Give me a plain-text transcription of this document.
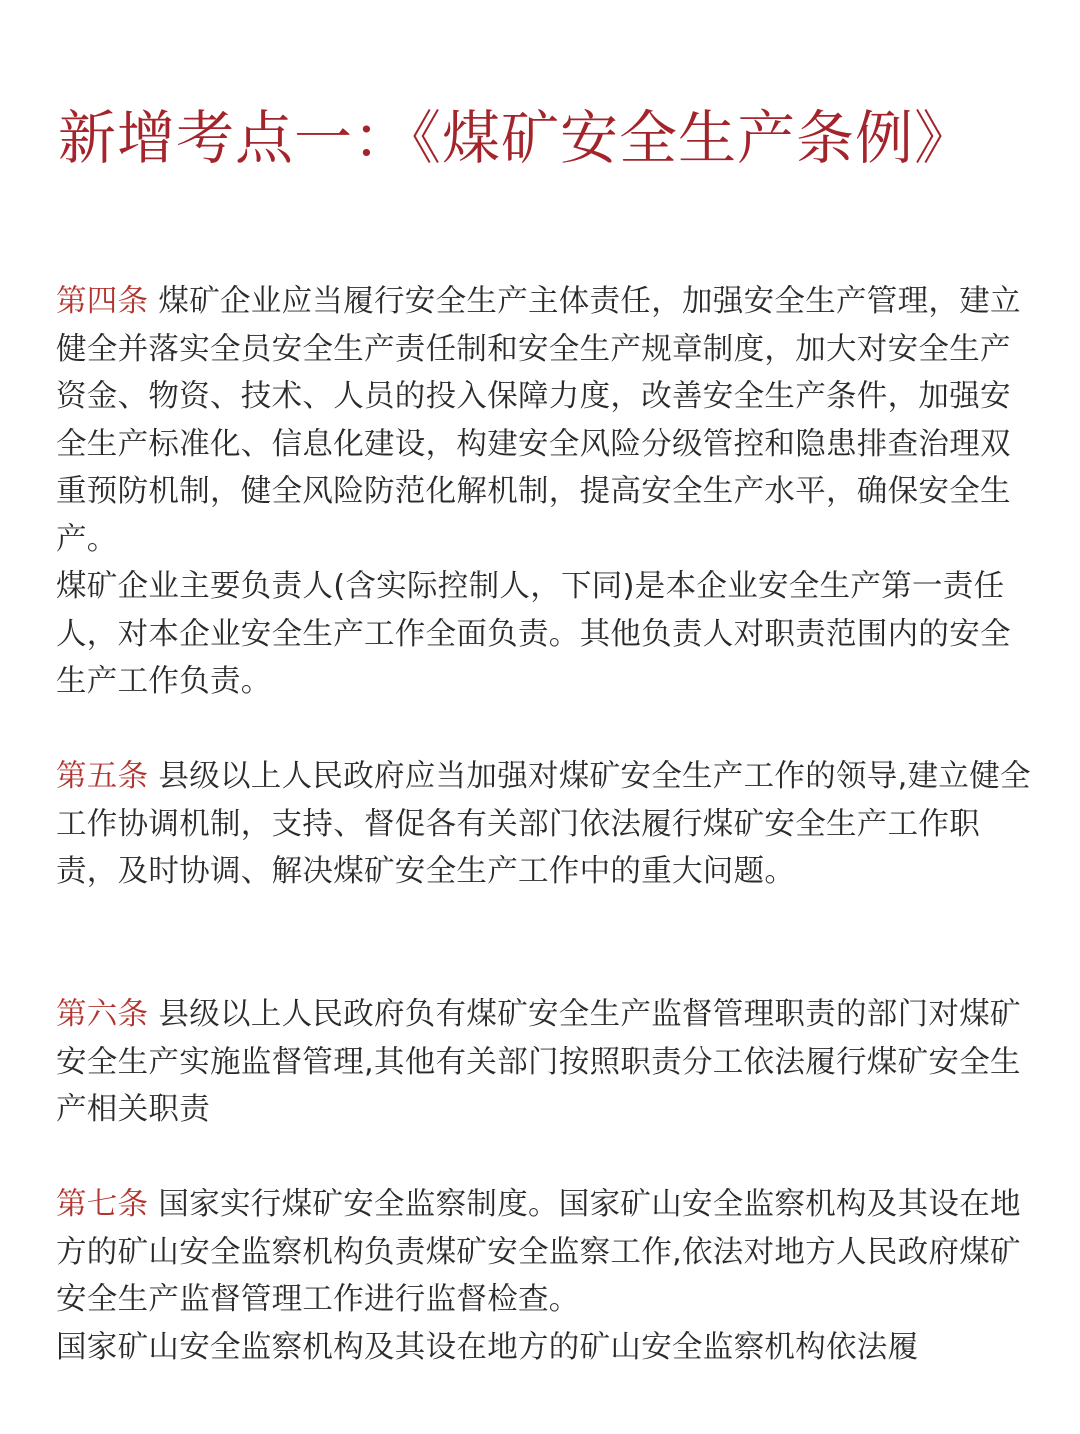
新增考点一：《煤矿安全生产条例》

第四条 煤矿企业应当履行安全生产主体责任，加强安全生产管理，建立健全并落实全员安全生产责任制和安全生产规章制度，加大对安全生产资金、物资、技术、人员的投入保障力度，改善安全生产条件，加强安全生产标准化、信息化建设，构建安全风险分级管控和隐患排查治理双重预防机制，健全风险防范化解机制，提高安全生产水平，确保安全生产。

煤矿企业主要负责人(含实际控制人，下同)是本企业安全生产第一责任人，对本企业安全生产工作全面负责。其他负责人对职责范围内的安全生产工作负责。

第五条 县级以上人民政府应当加强对煤矿安全生产工作的领导,建立健全工作协调机制，支持、督促各有关部门依法履行煤矿安全生产工作职责，及时协调、解决煤矿安全生产工作中的重大问题。

第六条 县级以上人民政府负有煤矿安全生产监督管理职责的部门对煤矿安全生产实施监督管理,其他有关部门按照职责分工依法履行煤矿安全生产相关职责

第七条 国家实行煤矿安全监察制度。国家矿山安全监察机构及其设在地方的矿山安全监察机构负责煤矿安全监察工作,依法对地方人民政府煤矿安全生产监督管理工作进行监督检查。

国家矿山安全监察机构及其设在地方的矿山安全监察机构依法履
